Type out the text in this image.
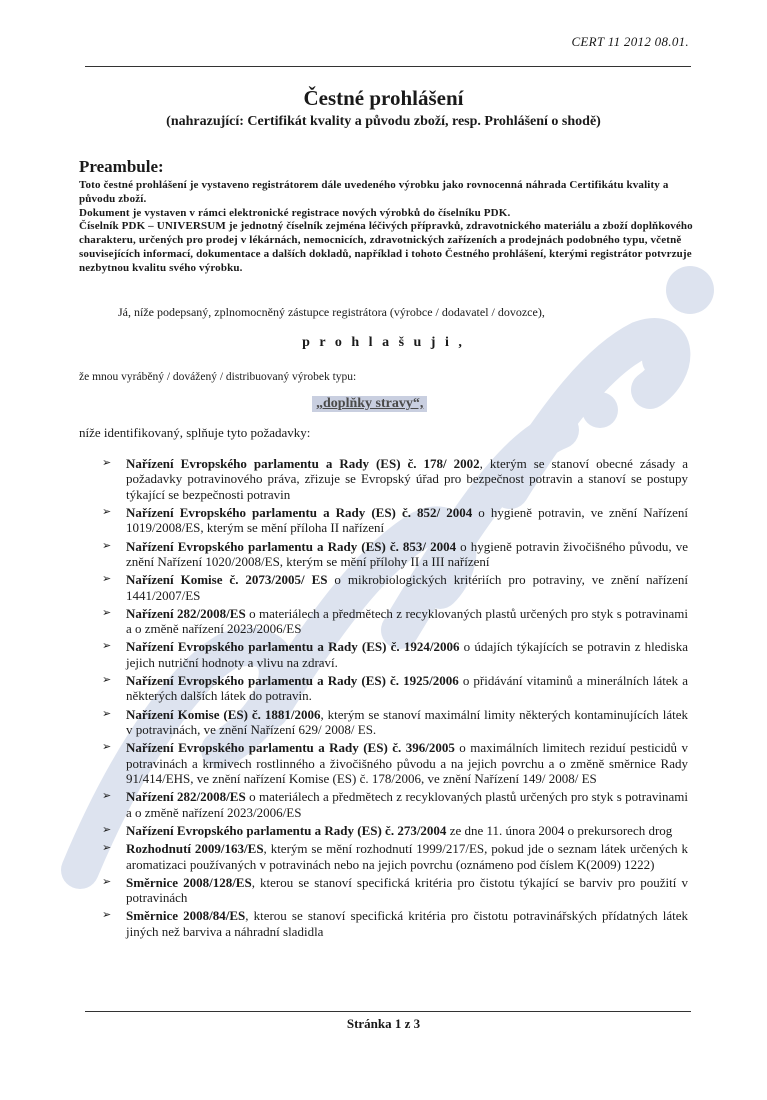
CERT 11 2012 08.01.
Čestné prohlášení
(nahrazující: Certifikát kvality a původu zboží, resp. Prohlášení o shodě)
Preambule:

Toto čestné prohlášení je vystaveno registrátorem dále uvedeného výrobku jako rovnocenná náhrada Certifikátu kvality a původu zboží.

Dokument je vystaven v rámci elektronické registrace nových výrobků do číselníku PDK.

Číselník PDK – UNIVERSUM je jednotný číselník zejména léčivých přípravků, zdravotnického materiálu a zboží doplňkového charakteru, určených pro prodej v lékárnách, nemocnicích, zdravotnických zařízeních a prodejnách podobného typu, včetně souvisejících informací, dokumentace a dalších dokladů, například i tohoto Čestného prohlášení, kterými registrátor potvrzuje nezbytnou kvalitu svého výrobku.

Já, níže podepsaný, zplnomocněný zástupce registrátora (výrobce / dodavatel / dovozce),
p r o h l a š u j i ,
že mnou vyráběný / dovážený / distribuovaný výrobek typu:
„doplňky stravy“,
níže identifikovaný, splňuje tyto požadavky:
➢ Nařízení Evropského parlamentu a Rady (ES) č. 178/ 2002, kterým se stanoví obecné zásady a požadavky potravinového práva, zřizuje se Evropský úřad pro bezpečnost potravin a stanoví se postupy týkající se bezpečnosti potravin
➢ Nařízení Evropského parlamentu a Rady (ES) č. 852/ 2004 o hygieně potravin, ve znění Nařízení 1019/2008/ES, kterým se mění příloha II nařízení
➢ Nařízení Evropského parlamentu a Rady (ES) č. 853/ 2004 o hygieně potravin živočišného původu, ve znění Nařízení 1020/2008/ES, kterým se mění přílohy II a III nařízení
➢ Nařízení Komise č. 2073/2005/ ES o mikrobiologických kritériích pro potraviny, ve znění nařízení 1441/2007/ES
➢ Nařízení 282/2008/ES o materiálech a předmětech z recyklovaných plastů určených pro styk s potravinami a o změně nařízení 2023/2006/ES
➢ Nařízení Evropského parlamentu a Rady (ES) č. 1924/2006 o údajích týkajících se potravin z hlediska jejich nutriční hodnoty a vlivu na zdraví.
➢ Nařízení Evropského parlamentu a Rady (ES) č. 1925/2006 o přidávání vitaminů a minerálních látek a některých dalších látek do potravin.
➢ Nařízení Komise (ES) č. 1881/2006, kterým se stanoví maximální limity některých kontaminujících látek v potravinách, ve znění Nařízení 629/ 2008/ ES.
➢ Nařízení Evropského parlamentu a Rady (ES) č. 396/2005 o maximálních limitech reziduí pesticidů v potravinách a krmivech rostlinného a živočišného původu a na jejich povrchu a o změně směrnice Rady 91/414/EHS, ve znění nařízení Komise (ES) č. 178/2006, ve znění Nařízení 149/ 2008/ ES
➢ Nařízení 282/2008/ES o materiálech a předmětech z recyklovaných plastů určených pro styk s potravinami a o změně nařízení 2023/2006/ES
➢ Nařízení Evropského parlamentu a Rady (ES) č. 273/2004 ze dne 11. února 2004 o prekursorech drog
➢ Rozhodnutí 2009/163/ES, kterým se mění rozhodnutí 1999/217/ES, pokud jde o seznam látek určených k aromatizaci používaných v potravinách nebo na jejich povrchu (oznámeno pod číslem K(2009) 1222)
➢ Směrnice 2008/128/ES, kterou se stanoví specifická kritéria pro čistotu týkající se barviv pro použití v potravinách
➢ Směrnice 2008/84/ES, kterou se stanoví specifická kritéria pro čistotu potravinářských přídatných látek jiných než barviva a náhradní sladidla
Stránka 1 z 3
